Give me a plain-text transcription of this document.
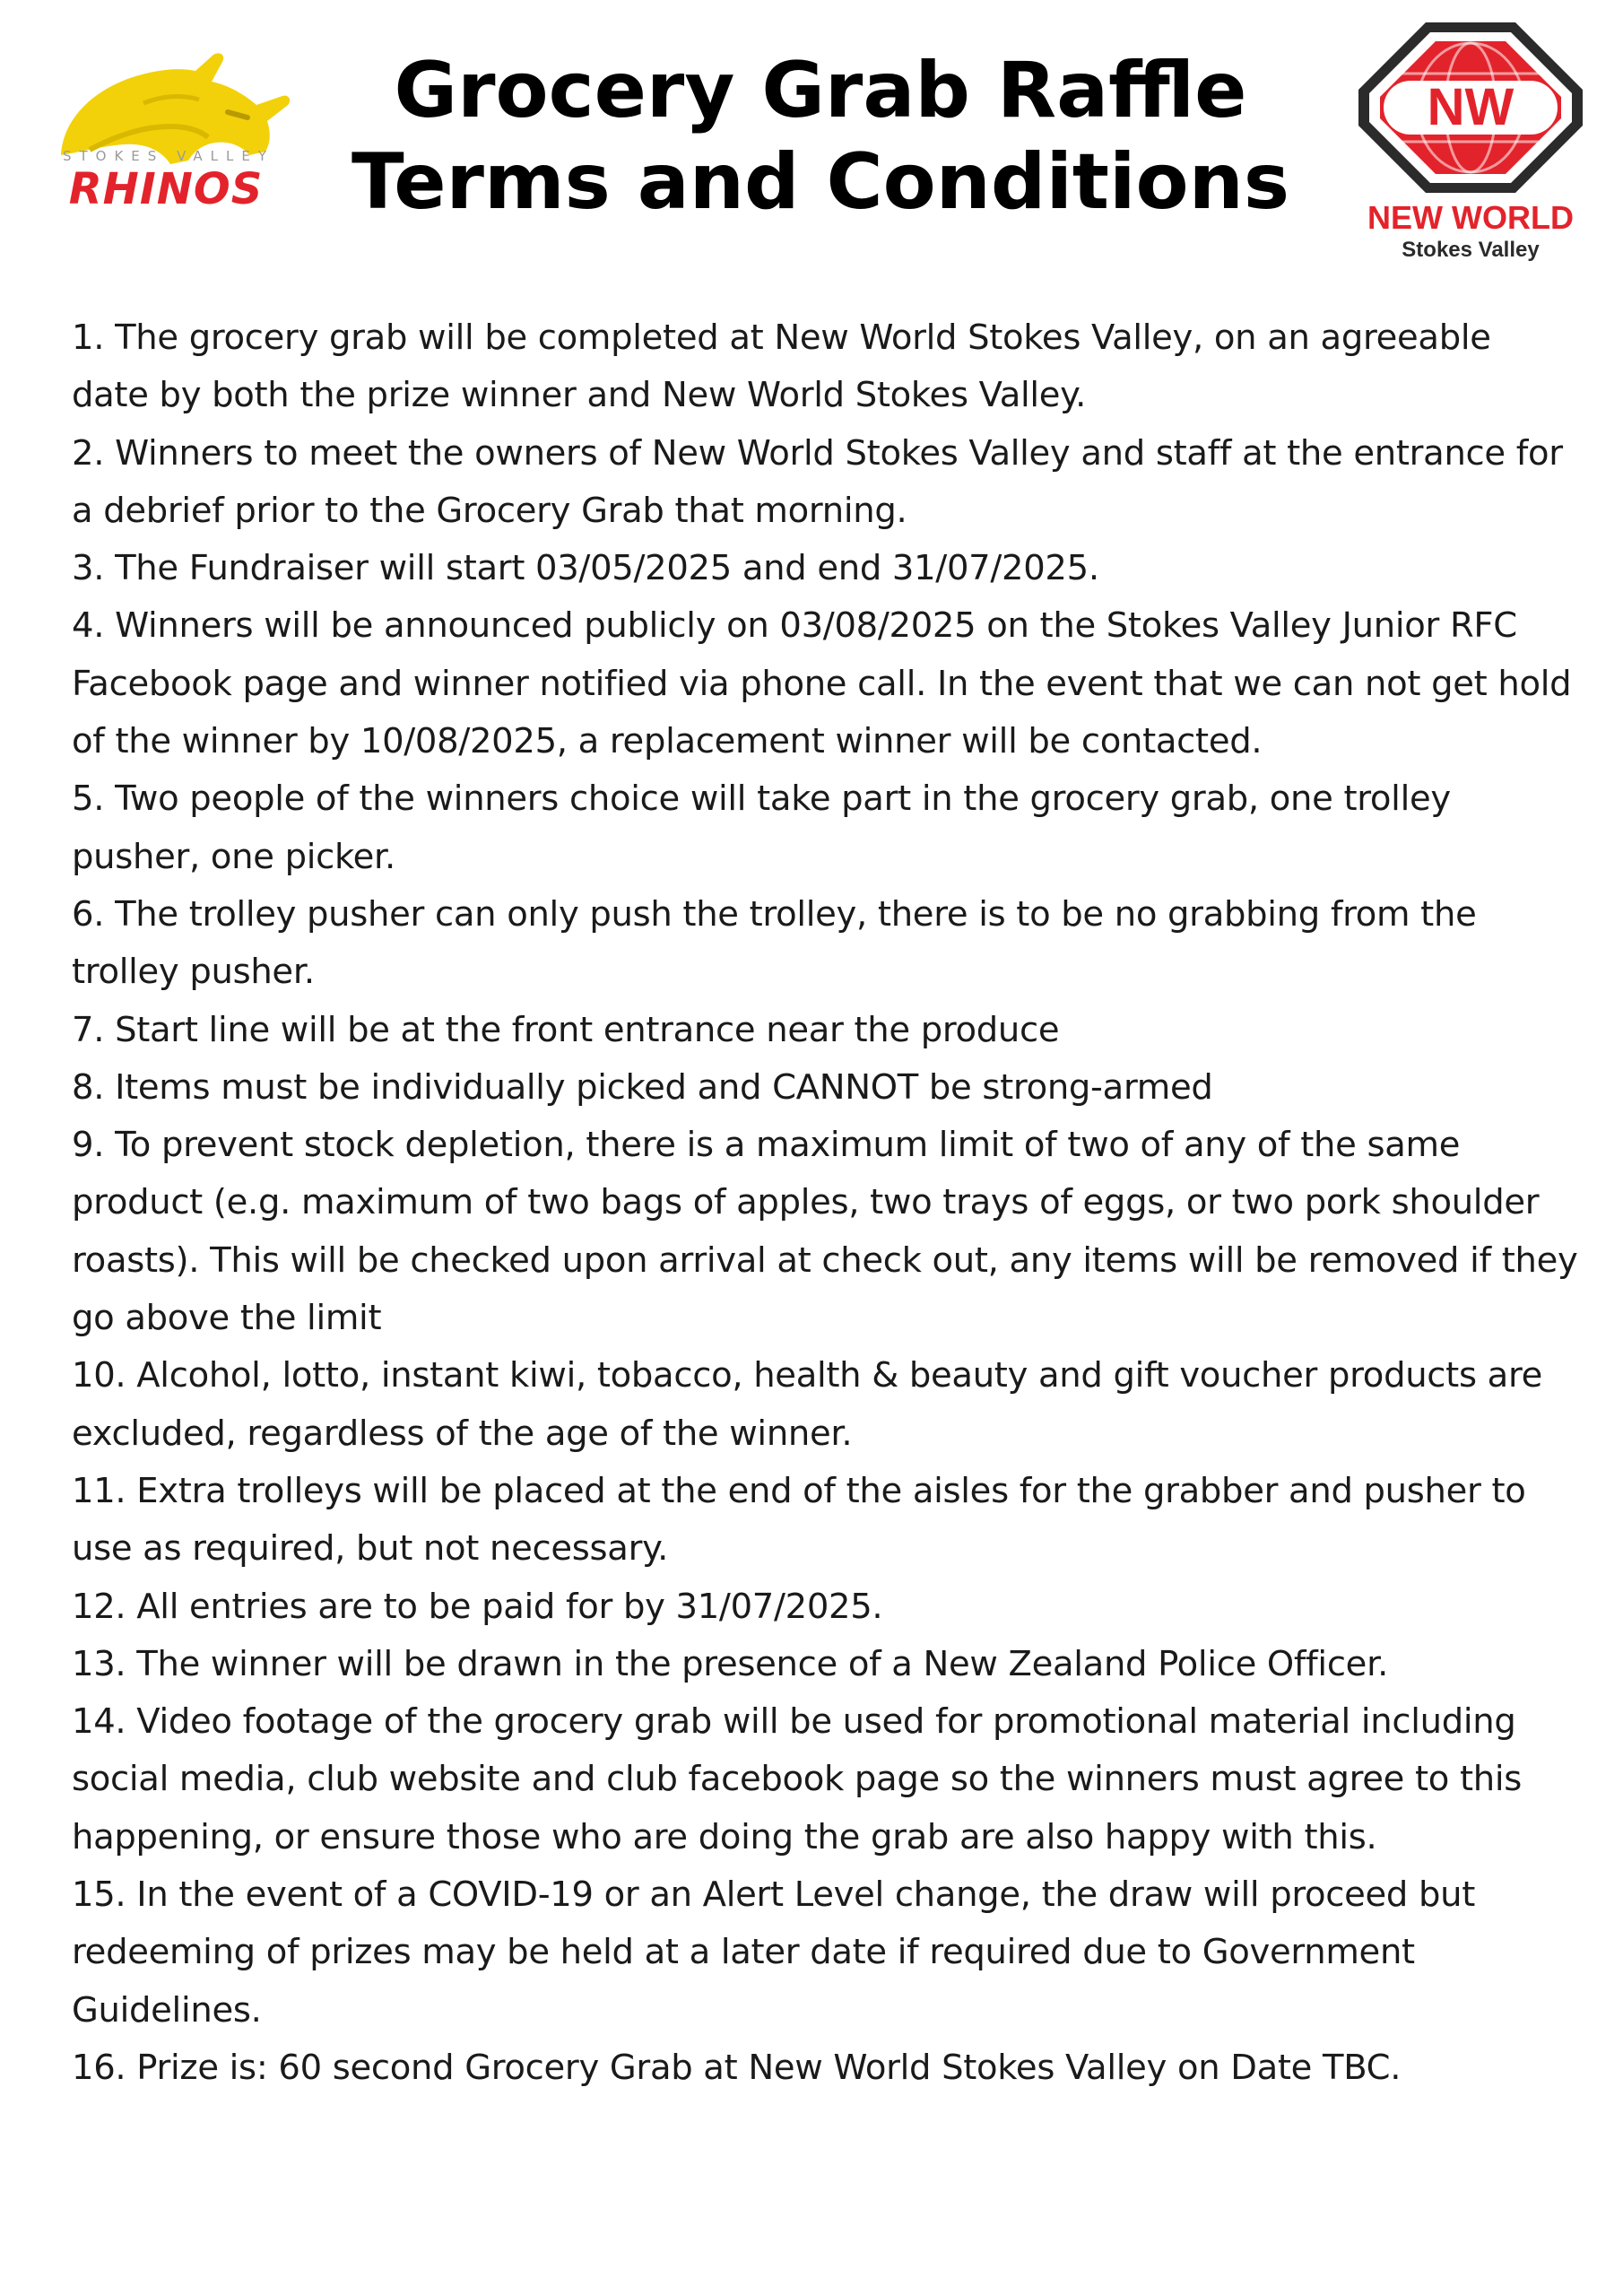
STOKES VALLEY
RHINOS
Grocery Grab Raffle
Terms and Conditions
NW
NEW WORLD
Stokes Valley
1. The grocery grab will be completed at New World Stokes Valley, on an agreeable date by both the prize winner and New World Stokes Valley.
2. Winners to meet the owners of New World Stokes Valley and staff at the entrance for a debrief prior to the Grocery Grab that morning.
3. The Fundraiser will start 03/05/2025 and end 31/07/2025.
4. Winners will be announced publicly on 03/08/2025 on the Stokes Valley Junior RFC Facebook page and winner notified via phone call. In the event that we can not get hold of the winner by 10/08/2025, a replacement winner will be contacted.
5. Two people of the winners choice will take part in the grocery grab, one trolley pusher, one picker.
6. The trolley pusher can only push the trolley, there is to be no grabbing from the trolley pusher.
7. Start line will be at the front entrance near the produce
8. Items must be individually picked and CANNOT be strong-armed
9. To prevent stock depletion, there is a maximum limit of two of any of the same product (e.g. maximum of two bags of apples, two trays of eggs, or two pork shoulder roasts). This will be checked upon arrival at check out, any items will be removed if they go above the limit
10. Alcohol, lotto, instant kiwi, tobacco, health & beauty and gift voucher products are excluded, regardless of the age of the winner.
11. Extra trolleys will be placed at the end of the aisles for the grabber and pusher to use as required, but not necessary.
12. All entries are to be paid for by 31/07/2025.
13. The winner will be drawn in the presence of a New Zealand Police Officer.
14. Video footage of the grocery grab will be used for promotional material including social media, club website and club facebook page so the winners must agree to this happening, or ensure those who are doing the grab are also happy with this.
15. In the event of a COVID-19 or an Alert Level change, the draw will proceed but redeeming of prizes may be held at a later date if required due to Government Guidelines.
16. Prize is: 60 second Grocery Grab at New World Stokes Valley on Date TBC.
